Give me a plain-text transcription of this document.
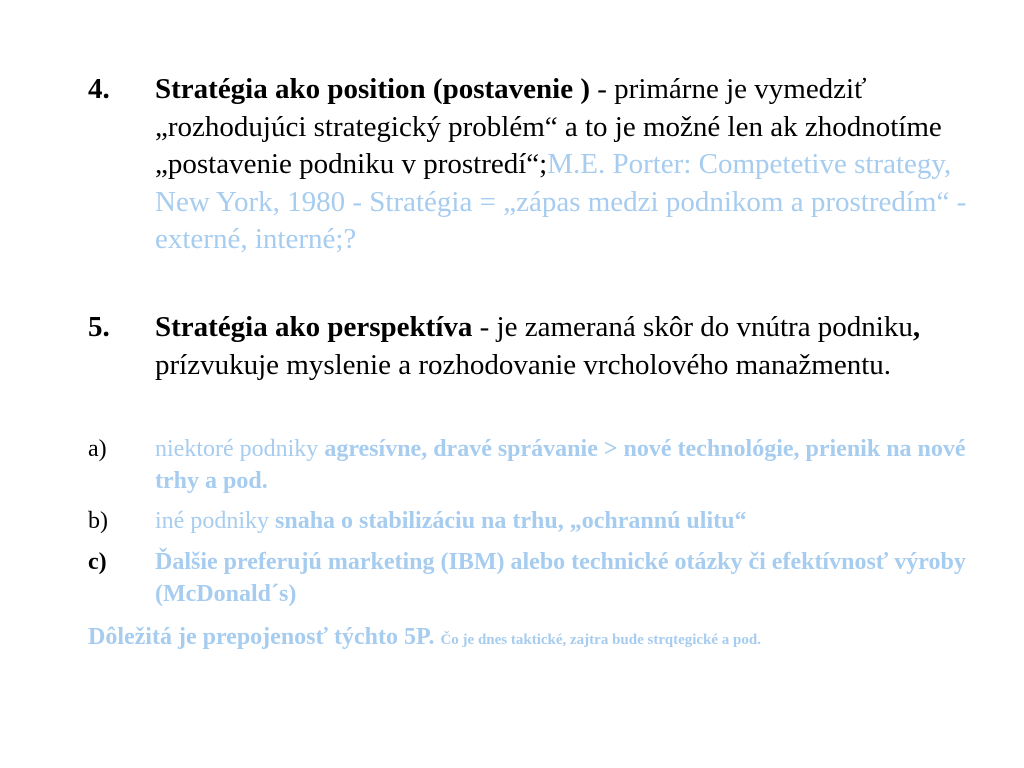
4. Stratégia ako position (postavenie ) - primárne je vymedziť „rozhodujúci strategický problém“ a to je možné len ak zhodnotíme „postavenie podniku v prostredí“;M.E. Porter: Competetive strategy, New York, 1980 - Stratégia = „zápas medzi podnikom a prostredím“ - externé, interné;?
5. Stratégia ako perspektíva - je zameraná skôr do vnútra podniku, prízvukuje myslenie a rozhodovanie vrcholového manažmentu.
a) niektoré podniky agresívne, dravé správanie > nové technológie, prienik na nové trhy a pod.
b) iné podniky snaha o stabilizáciu na trhu, „ochrannú ulitu“
c) Ďalšie preferujú marketing (IBM) alebo technické otázky či efektívnosť výroby (McDonald´s)
Dôležitá je prepojenosť týchto 5P. Čo je dnes taktické, zajtra bude strqtegické a pod.
